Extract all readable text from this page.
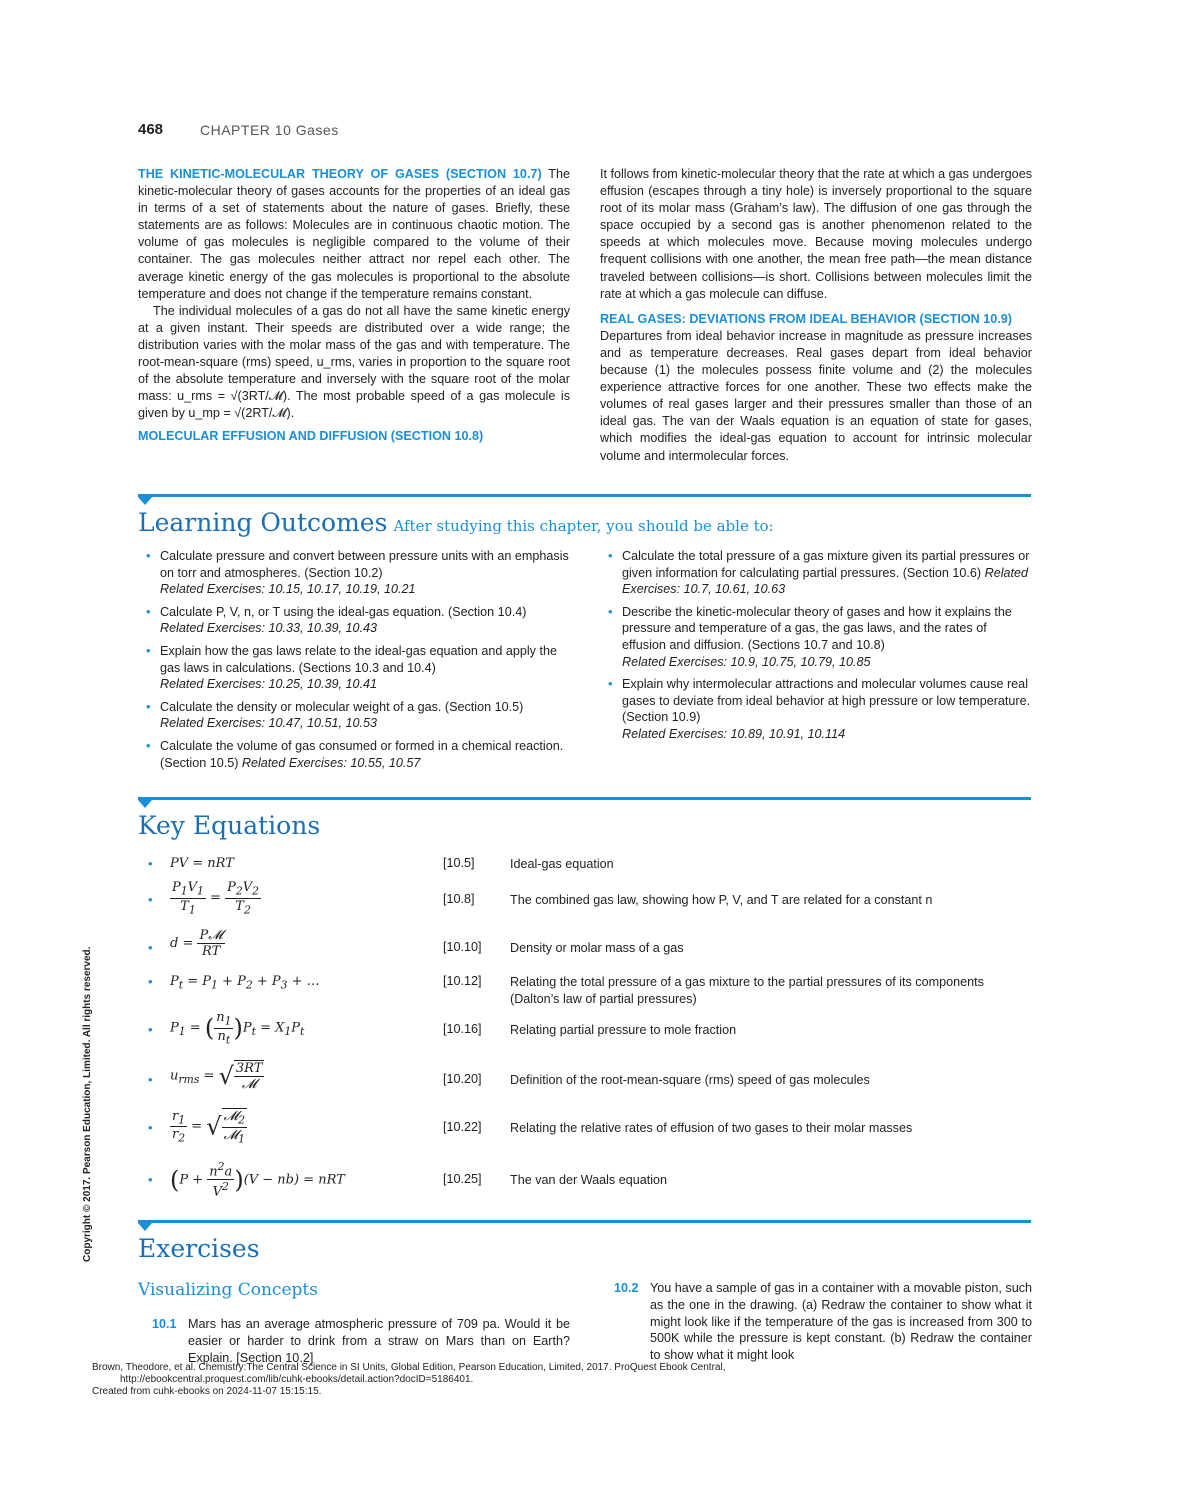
468	CHAPTER 10 Gases

THE KINETIC-MOLECULAR THEORY OF GASES (SECTION 10.7) The kinetic-molecular theory of gases accounts for the properties of an ideal gas in terms of a set of statements about the nature of gases. Briefly, these statements are as follows: Molecules are in continuous chaotic motion. The volume of gas molecules is negligible compared to the volume of their container. The gas molecules neither attract nor repel each other. The average kinetic energy of the gas molecules is proportional to the absolute temperature and does not change if the temperature remains constant.

The individual molecules of a gas do not all have the same kinetic energy at a given instant. Their speeds are distributed over a wide range; the distribution varies with the molar mass of the gas and with temperature. The root-mean-square (rms) speed, u_rms, varies in proportion to the square root of the absolute temperature and inversely with the square root of the molar mass: u_rms = √(3RT/𝓜). The most probable speed of a gas molecule is given by u_mp = √(2RT/𝓜).

MOLECULAR EFFUSION AND DIFFUSION (SECTION 10.8)

It follows from kinetic-molecular theory that the rate at which a gas undergoes effusion (escapes through a tiny hole) is inversely proportional to the square root of its molar mass (Graham’s law). The diffusion of one gas through the space occupied by a second gas is another phenomenon related to the speeds at which molecules move. Because moving molecules undergo frequent collisions with one another, the mean free path—the mean distance traveled between collisions—is short. Collisions between molecules limit the rate at which a gas molecule can diffuse.

REAL GASES: DEVIATIONS FROM IDEAL BEHAVIOR (SECTION 10.9)

Departures from ideal behavior increase in magnitude as pressure increases and as temperature decreases. Real gases depart from ideal behavior because (1) the molecules possess finite volume and (2) the molecules experience attractive forces for one another. These two effects make the volumes of real gases larger and their pressures smaller than those of an ideal gas. The van der Waals equation is an equation of state for gases, which modifies the ideal-gas equation to account for intrinsic molecular volume and intermolecular forces.

Learning Outcomes After studying this chapter, you should be able to:
• Calculate pressure and convert between pressure units with an emphasis on torr and atmospheres. (Section 10.2)
Related Exercises: 10.15, 10.17, 10.19, 10.21
• Calculate P, V, n, or T using the ideal-gas equation. (Section 10.4)
Related Exercises: 10.33, 10.39, 10.43
• Explain how the gas laws relate to the ideal-gas equation and apply the gas laws in calculations. (Sections 10.3 and 10.4)
Related Exercises: 10.25, 10.39, 10.41
• Calculate the density or molecular weight of a gas. (Section 10.5)
Related Exercises: 10.47, 10.51, 10.53
• Calculate the volume of gas consumed or formed in a chemical reaction. (Section 10.5) Related Exercises: 10.55, 10.57
• Calculate the total pressure of a gas mixture given its partial pressures or given information for calculating partial pressures. (Section 10.6) Related Exercises: 10.7, 10.61, 10.63
• Describe the kinetic-molecular theory of gases and how it explains the pressure and temperature of a gas, the gas laws, and the rates of effusion and diffusion. (Sections 10.7 and 10.8)
Related Exercises: 10.9, 10.75, 10.79, 10.85
• Explain why intermolecular attractions and molecular volumes cause real gases to deviate from ideal behavior at high pressure or low temperature. (Section 10.9)
Related Exercises: 10.89, 10.91, 10.114
Key Equations
• PV = nRT	[10.5]	Ideal-gas equation
• $\frac{P_1V_1}{T_1} = \frac{P_2V_2}{T_2}$	[10.8]	The combined gas law, showing how P, V, and T are related for a constant n
• $d = \frac{\text{P𝓜}}{RT}$	[10.10] Density or molar mass of a gas
• $P_t = P_1 + P_2 + P_3$ + …	[10.12] Relating the total pressure of a gas mixture to the partial pressures of its components (Dalton’s law of partial pressures)
• $P_1$ = ( $\frac{n_1}{n_t} )P_t = X_1P_t$	[10.16] Relating partial pressure to mole fraction
• $u_{rms}$ = √ $\frac{3RT}{\text{𝓜}}$	[10.20] Definition of the root-mean-square (rms) speed of gas molecules
• $\frac{r_1}{r_2}$ = √ $\frac{𝓜_2}{𝓜_1}$	[10.22] Relating the relative rates of effusion of two gases to their molar masses
• $(P + \frac{n^2a}{V^2} )(V - nb)$ = nRT	[10.25] The van der Waals equation
Exercises
Visualizing Concepts
10.1 Mars has an average atmospheric pressure of 709 pa. Would it be easier or harder to drink from a straw on Mars than on Earth? Explain. [Section 10.2]
10.2 You have a sample of gas in a container with a movable piston, such as the one in the drawing. (a) Redraw the container to show what it might look like if the temperature of the gas is increased from 300 to 500K while the pressure is kept constant. (b) Redraw the container to show what it might look
Copyright © 2017. Pearson Education, Limited. All rights reserved.
Brown, Theodore, et al. Chemistry:The Central Science in SI Units, Global Edition, Pearson Education, Limited, 2017. ProQuest Ebook Central,
http://ebookcentral.proquest.com/lib/cuhk-ebooks/detail.action?docID=5186401.
Created from cuhk-ebooks on 2024-11-07 15:15:15.
